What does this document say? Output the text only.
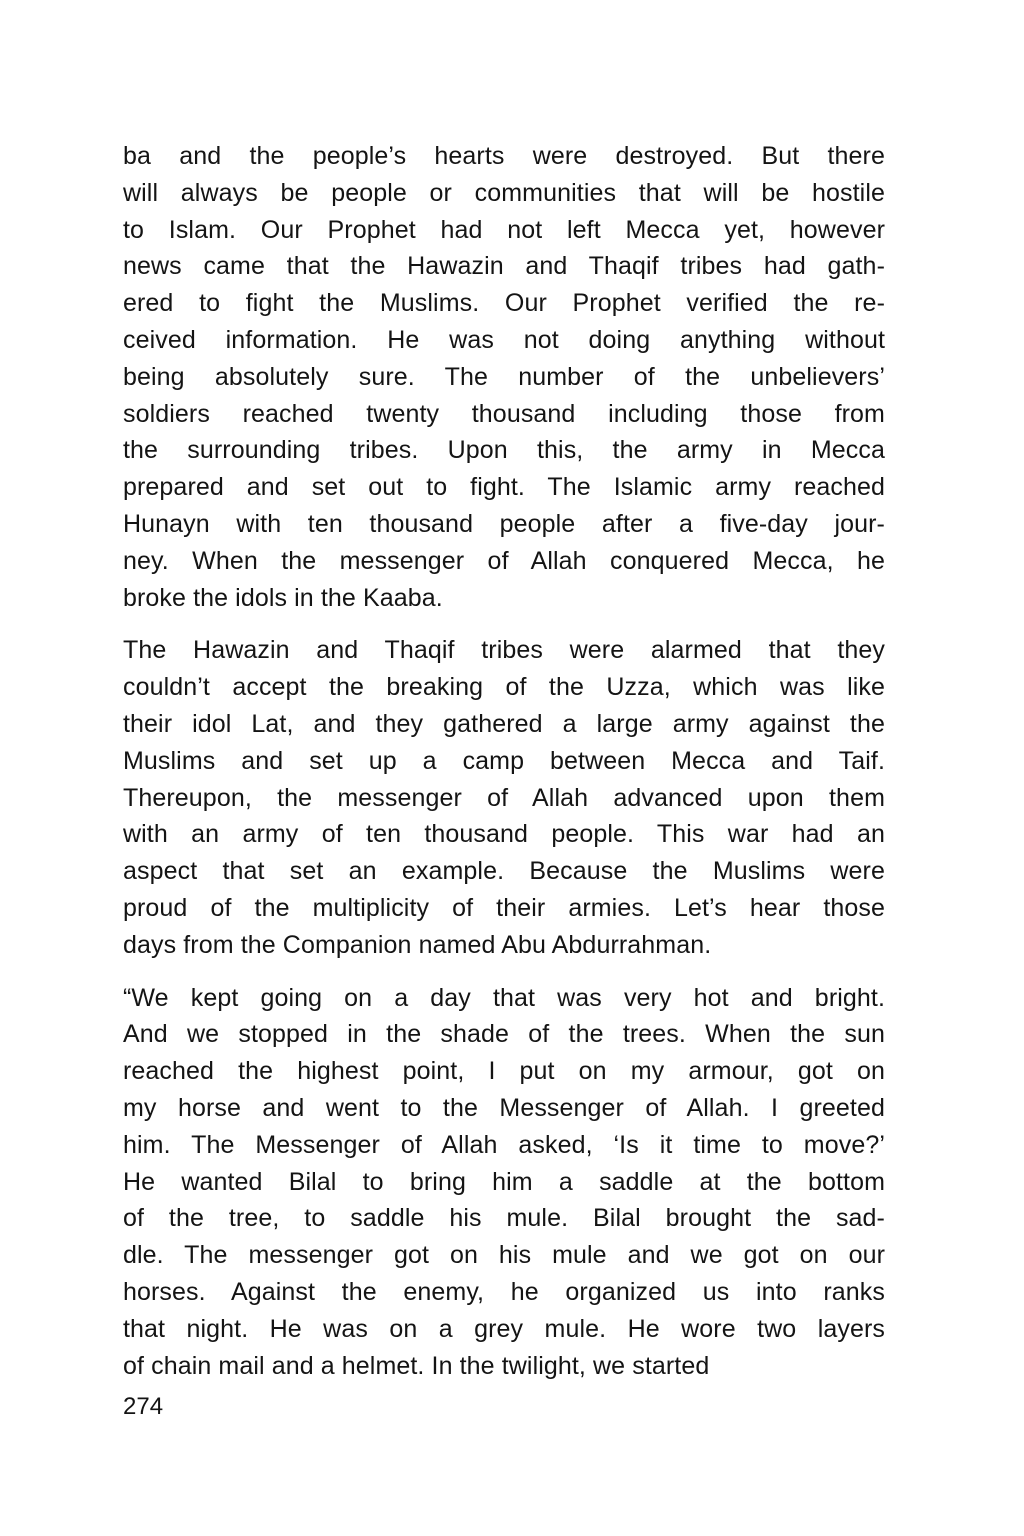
ba and the people’s hearts were destroyed. But there
will always be people or communities that will be hostile
to Islam. Our Prophet had not left Mecca yet, however
news came that the Hawazin and Thaqif tribes had gath-
ered to fight the Muslims. Our Prophet verified the re-
ceived information. He was not doing anything without
being absolutely sure. The number of the unbelievers’
soldiers reached twenty thousand including those from
the surrounding tribes. Upon this, the army in Mecca
prepared and set out to fight. The Islamic army reached
Hunayn with ten thousand people after a five-day jour-
ney. When the messenger of Allah conquered Mecca, he
broke the idols in the Kaaba.
The Hawazin and Thaqif tribes were alarmed that they
couldn’t accept the breaking of the Uzza, which was like
their idol Lat, and they gathered a large army against the
Muslims and set up a camp between Mecca and Taif.
Thereupon, the messenger of Allah advanced upon them
with an army of ten thousand people. This war had an
aspect that set an example. Because the Muslims were
proud of the multiplicity of their armies. Let’s hear those
days from the Companion named Abu Abdurrahman.
“We kept going on a day that was very hot and bright.
And we stopped in the shade of the trees. When the sun
reached the highest point, I put on my armour, got on
my horse and went to the Messenger of Allah. I greeted
him. The Messenger of Allah asked, ‘Is it time to move?’
He wanted Bilal to bring him a saddle at the bottom
of the tree, to saddle his mule. Bilal brought the sad-
dle. The messenger got on his mule and we got on our
horses. Against the enemy, he organized us into ranks
that night. He was on a grey mule. He wore two layers
of chain mail and a helmet. In the twilight, we started
274
